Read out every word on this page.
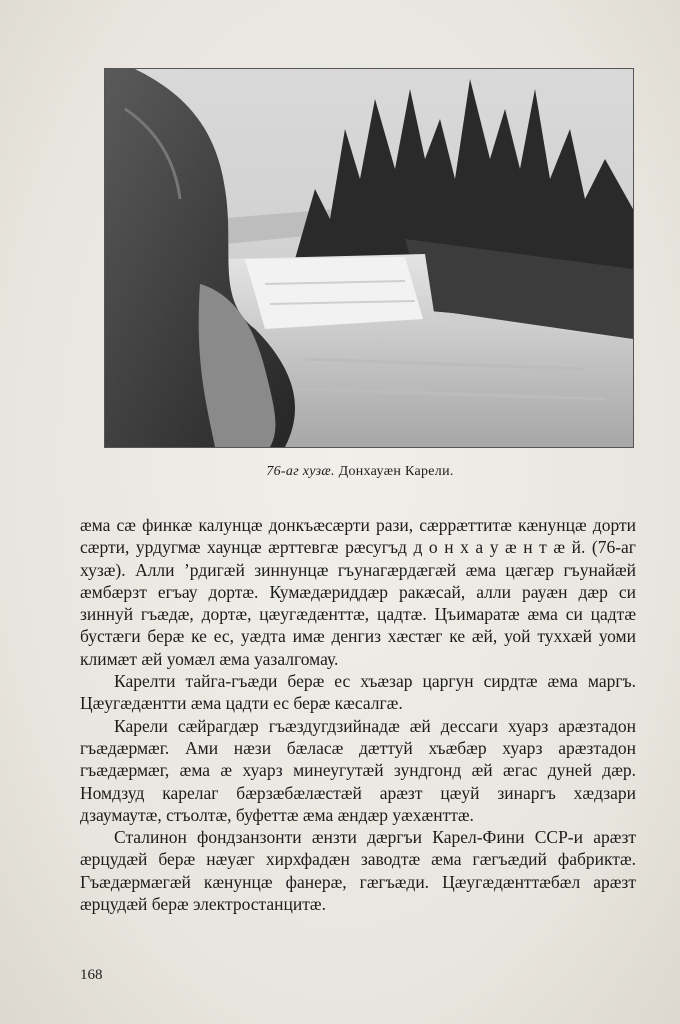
76-аг хузæ. Донхауæн Карели.

æма сæ финкæ калунцæ донкъæсæрти рази, сæррæттитæ кæнунцæ дорти сæрти, урдугмæ хаунцæ æрттевгæ рæсугъд д о н х а у æ н т æ й. (76-аг хузæ). Алли ’рдигæй зиннунцæ гъунагæрдæгæй æма цæгæр гъунайæй æмбæрзт егъау дортæ. Кумæдæриддæр ракæсай, алли рауæн дæр си зиннуй гъæдæ, дортæ, цæугæдæнттæ, цадтæ. Цъимаратæ æма си цадтæ бустæги берæ ке ес, уæдта имæ денгиз хæстæг ке æй, уой туххæй уоми климæт æй уомæл æма уазалгомау.

Карелти тайга-гъæди берæ ес хъæзар царгун сирдтæ æма маргъ. Цæугæдæнтти æма цадти ес берæ кæсалгæ.

Карели сæйрагдæр гъæздугдзийнадæ æй дессаги хуарз арæзтадон гъæдæрмæг. Ами нæзи бæласæ дæттуй хъæбæр хуарз арæзтадон гъæдæрмæг, æма æ хуарз минеугутæй зундгонд æй æгас дуней дæр. Номдзуд карелаг бæрзæбæлæстæй арæзт цæуй зинаргъ хæдзари дзаумаутæ, стъолтæ, буфеттæ æма æндæр уæхæнттæ.

Сталинон фондзанзонти æнзти дæргъи Карел-Фини ССР-и арæзт æрцудæй берæ нæуæг хирхфадæн заводтæ æма гæгъæдий фабриктæ. Гъæдæрмæгæй кæнунцæ фанерæ, гæгъæди. Цæугæдæнттæбæл арæзт æрцудæй берæ электростанцитæ.

168
